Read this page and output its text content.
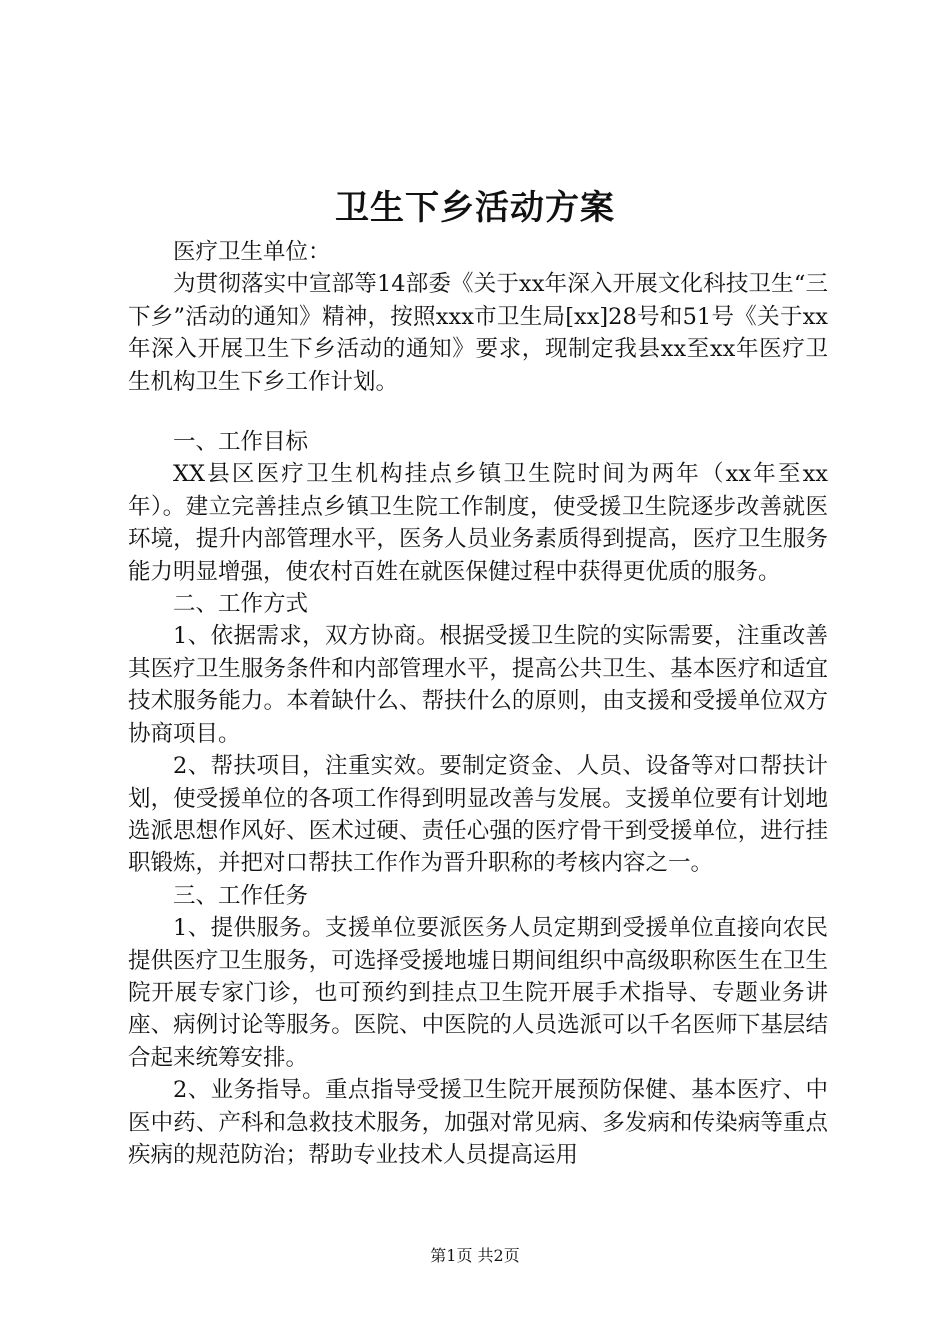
卫生下乡活动方案

医疗卫生单位：

为贯彻落实中宣部等14部委《关于xx年深入开展文化科技卫生“三下乡”活动的通知》精神，按照xxx市卫生局[xx]28号和51号《关于xx年深入开展卫生下乡活动的通知》要求，现制定我县xx至xx年医疗卫生机构卫生下乡工作计划。

一、工作目标

XX县区医疗卫生机构挂点乡镇卫生院时间为两年（xx年至xx年）。建立完善挂点乡镇卫生院工作制度，使受援卫生院逐步改善就医环境，提升内部管理水平，医务人员业务素质得到提高，医疗卫生服务能力明显增强，使农村百姓在就医保健过程中获得更优质的服务。

二、工作方式

1、依据需求，双方协商。根据受援卫生院的实际需要，注重改善其医疗卫生服务条件和内部管理水平，提高公共卫生、基本医疗和适宜技术服务能力。本着缺什么、帮扶什么的原则，由支援和受援单位双方协商项目。

2、帮扶项目，注重实效。要制定资金、人员、设备等对口帮扶计划，使受援单位的各项工作得到明显改善与发展。支援单位要有计划地选派思想作风好、医术过硬、责任心强的医疗骨干到受援单位，进行挂职锻炼，并把对口帮扶工作作为晋升职称的考核内容之一。

三、工作任务

1、提供服务。支援单位要派医务人员定期到受援单位直接向农民提供医疗卫生服务，可选择受援地墟日期间组织中高级职称医生在卫生院开展专家门诊，也可预约到挂点卫生院开展手术指导、专题业务讲座、病例讨论等服务。医院、中医院的人员选派可以千名医师下基层结合起来统筹安排。

2、业务指导。重点指导受援卫生院开展预防保健、基本医疗、中医中药、产科和急救技术服务，加强对常见病、多发病和传染病等重点疾病的规范防治；帮助专业技术人员提高运用

第1页 共2页
